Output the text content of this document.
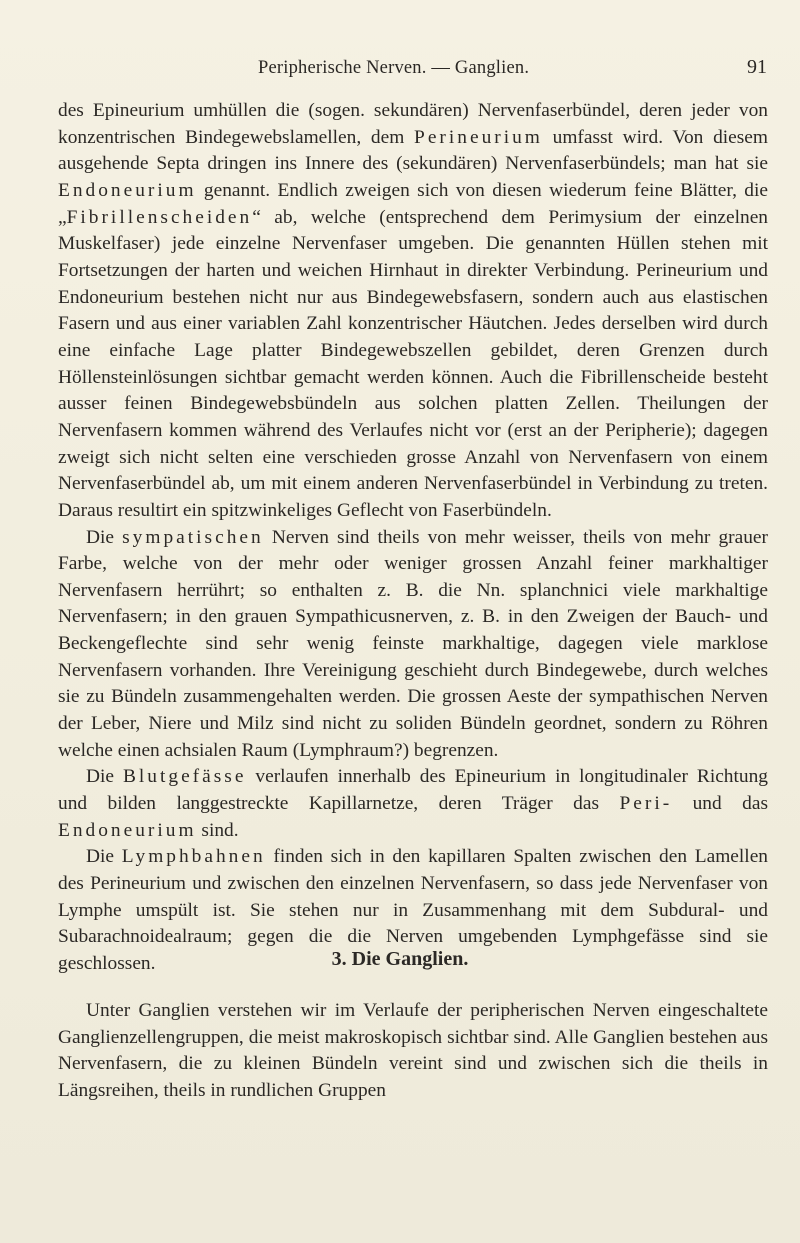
Peripherische Nerven. — Ganglien.	91

des Epineurium umhüllen die (sogen. sekundären) Nervenfaserbündel, deren jeder von konzentrischen Bindegewebslamellen, dem Perineurium umfasst wird. Von diesem ausgehende Septa dringen ins Innere des (sekundären) Nervenfaserbündels; man hat sie Endoneurium genannt. Endlich zweigen sich von diesen wiederum feine Blätter, die „Fibrillenscheiden“ ab, welche (entsprechend dem Perimysium der einzelnen Muskelfaser) jede einzelne Nervenfaser umgeben. Die genannten Hüllen stehen mit Fortsetzungen der harten und weichen Hirnhaut in direkter Verbindung. Perineurium und Endoneurium bestehen nicht nur aus Bindegewebsfasern, sondern auch aus elastischen Fasern und aus einer variablen Zahl konzentrischer Häutchen. Jedes derselben wird durch eine einfache Lage platter Bindegewebszellen gebildet, deren Grenzen durch Höllensteinlösungen sichtbar gemacht werden können. Auch die Fibrillenscheide besteht ausser feinen Bindegewebsbündeln aus solchen platten Zellen. Theilungen der Nervenfasern kommen während des Verlaufes nicht vor (erst an der Peripherie); dagegen zweigt sich nicht selten eine verschieden grosse Anzahl von Nervenfasern von einem Nervenfaserbündel ab, um mit einem anderen Nervenfaserbündel in Verbindung zu treten. Daraus resultirt ein spitzwinkeliges Geflecht von Faserbündeln.

Die sympatischen Nerven sind theils von mehr weisser, theils von mehr grauer Farbe, welche von der mehr oder weniger grossen Anzahl feiner markhaltiger Nervenfasern herrührt; so enthalten z. B. die Nn. splanchnici viele markhaltige Nervenfasern; in den grauen Sympathicusnerven, z. B. in den Zweigen der Bauch- und Beckengeflechte sind sehr wenig feinste markhaltige, dagegen viele marklose Nervenfasern vorhanden. Ihre Vereinigung geschieht durch Bindegewebe, durch welches sie zu Bündeln zusammengehalten werden. Die grossen Aeste der sympathischen Nerven der Leber, Niere und Milz sind nicht zu soliden Bündeln geordnet, sondern zu Röhren welche einen achsialen Raum (Lymphraum?) begrenzen.

Die Blutgefässe verlaufen innerhalb des Epineurium in longitudinaler Richtung und bilden langgestreckte Kapillarnetze, deren Träger das Peri- und das Endoneurium sind.

Die Lymphbahnen finden sich in den kapillaren Spalten zwischen den Lamellen des Perineurium und zwischen den einzelnen Nervenfasern, so dass jede Nervenfaser von Lymphe umspült ist. Sie stehen nur in Zusammenhang mit dem Subdural- und Subarachnoidealraum; gegen die die Nerven umgebenden Lymphgefässe sind sie geschlossen.	3. Die Ganglien.

Unter Ganglien verstehen wir im Verlaufe der peripherischen Nerven eingeschaltete Ganglienzellengruppen, die meist makroskopisch sichtbar sind. Alle Ganglien bestehen aus Nervenfasern, die zu kleinen Bündeln vereint sind und zwischen sich die theils in Längsreihen, theils in rundlichen Gruppen
